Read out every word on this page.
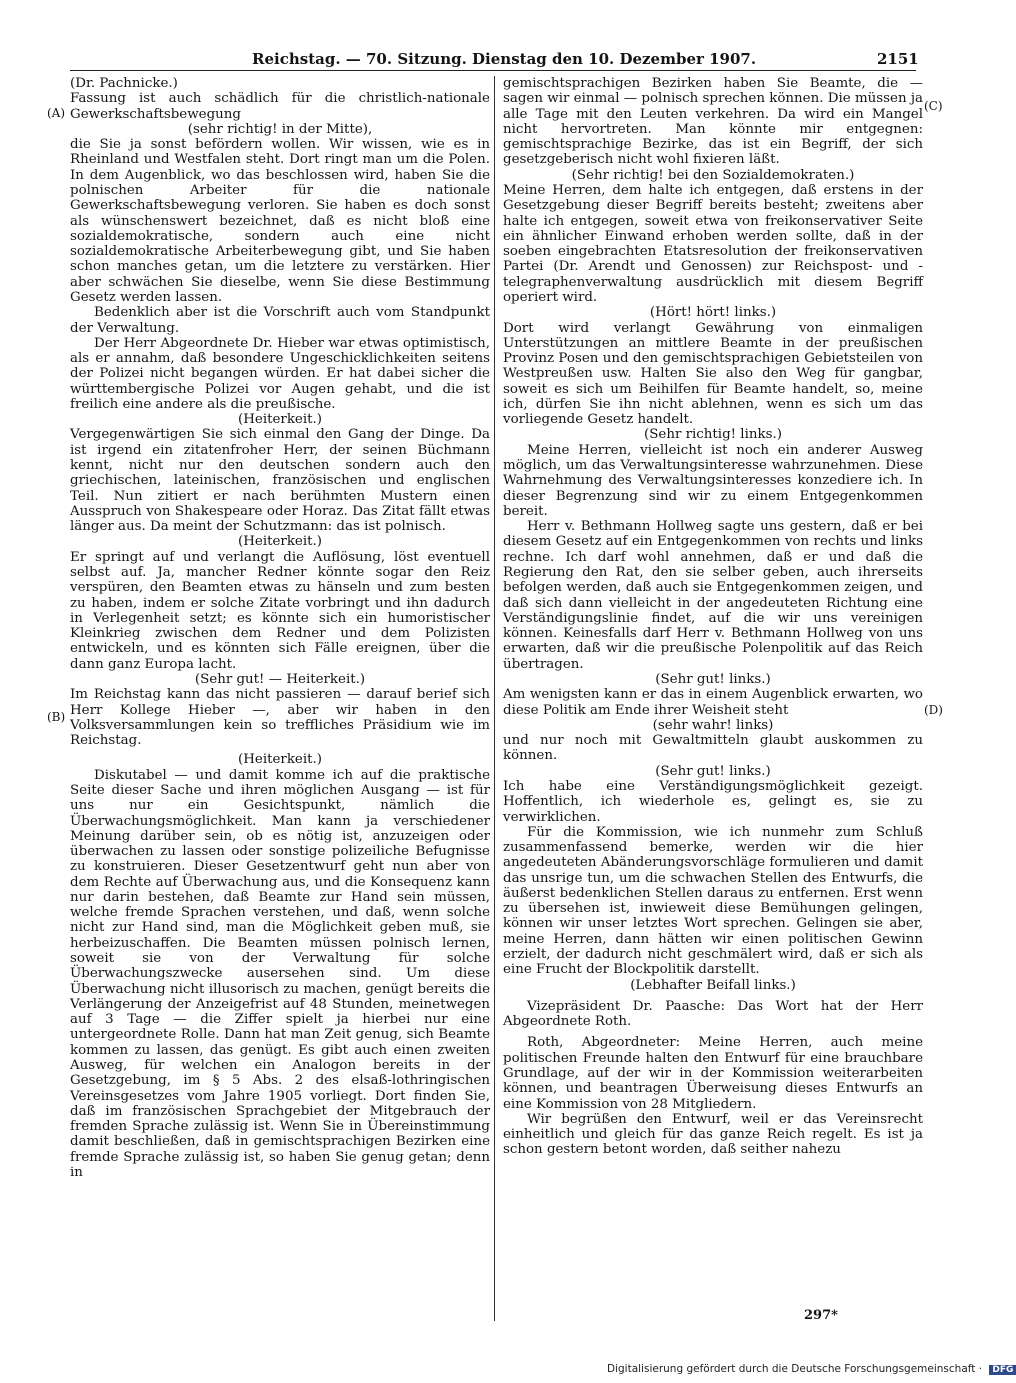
Reichstag. — 70. Sitzung. Dienstag den 10. Dezember 1907.	2151
(A)
(B)
(C)
(D)

(Dr. Pachnicke.)

Fassung ist auch schädlich für die christlich-nationale Gewerkschaftsbewegung

(sehr richtig! in der Mitte),

die Sie ja sonst befördern wollen. Wir wissen, wie es in Rheinland und Westfalen steht. Dort ringt man um die Polen. In dem Augenblick, wo das beschlossen wird, haben Sie die polnischen Arbeiter für die nationale Gewerkschaftsbewegung verloren. Sie haben es doch sonst als wünschenswert bezeichnet, daß es nicht bloß eine sozialdemokratische, sondern auch eine nicht sozialdemokratische Arbeiterbewegung gibt, und Sie haben schon manches getan, um die letztere zu verstärken. Hier aber schwächen Sie dieselbe, wenn Sie diese Bestimmung Gesetz werden lassen.

Bedenklich aber ist die Vorschrift auch vom Standpunkt der Verwaltung.

Der Herr Abgeordnete Dr. Hieber war etwas optimistisch, als er annahm, daß besondere Ungeschicklichkeiten seitens der Polizei nicht begangen würden. Er hat dabei sicher die württembergische Polizei vor Augen gehabt, und die ist freilich eine andere als die preußische.

(Heiterkeit.)

Vergegenwärtigen Sie sich einmal den Gang der Dinge. Da ist irgend ein zitatenfroher Herr, der seinen Büchmann kennt, nicht nur den deutschen sondern auch den griechischen, lateinischen, französischen und englischen Teil. Nun zitiert er nach berühmten Mustern einen Ausspruch von Shakespeare oder Horaz. Das Zitat fällt etwas länger aus. Da meint der Schutzmann: das ist polnisch.

(Heiterkeit.)

Er springt auf und verlangt die Auflösung, löst eventuell selbst auf. Ja, mancher Redner könnte sogar den Reiz verspüren, den Beamten etwas zu hänseln und zum besten zu haben, indem er solche Zitate vorbringt und ihn dadurch in Verlegenheit setzt; es könnte sich ein humoristischer Kleinkrieg zwischen dem Redner und dem Polizisten entwickeln, und es könnten sich Fälle ereignen, über die dann ganz Europa lacht.

(Sehr gut! — Heiterkeit.)

Im Reichstag kann das nicht passieren — darauf berief sich Herr Kollege Hieber —, aber wir haben in den Volksversammlungen kein so treffliches Präsidium wie im Reichstag.

(Heiterkeit.)

Diskutabel — und damit komme ich auf die praktische Seite dieser Sache und ihren möglichen Ausgang — ist für uns nur ein Gesichtspunkt, nämlich die Überwachungsmöglichkeit. Man kann ja verschiedener Meinung darüber sein, ob es nötig ist, anzuzeigen oder überwachen zu lassen oder sonstige polizeiliche Befugnisse zu konstruieren. Dieser Gesetzentwurf geht nun aber von dem Rechte auf Überwachung aus, und die Konsequenz kann nur darin bestehen, daß Beamte zur Hand sein müssen, welche fremde Sprachen verstehen, und daß, wenn solche nicht zur Hand sind, man die Möglichkeit geben muß, sie herbeizuschaffen. Die Beamten müssen polnisch lernen, soweit sie von der Verwaltung für solche Überwachungszwecke ausersehen sind. Um diese Überwachung nicht illusorisch zu machen, genügt bereits die Verlängerung der Anzeigefrist auf 48 Stunden, meinetwegen auf 3 Tage — die Ziffer spielt ja hierbei nur eine untergeordnete Rolle. Dann hat man Zeit genug, sich Beamte kommen zu lassen, das genügt. Es gibt auch einen zweiten Ausweg, für welchen ein Analogon bereits in der Gesetzgebung, im § 5 Abs. 2 des elsaß-lothringischen Vereinsgesetzes vom Jahre 1905 vorliegt. Dort finden Sie, daß im französischen Sprachgebiet der Mitgebrauch der fremden Sprache zulässig ist. Wenn Sie in Übereinstimmung damit beschließen, daß in gemischtsprachigen Bezirken eine fremde Sprache zulässig ist, so haben Sie genug getan; denn in

gemischtsprachigen Bezirken haben Sie Beamte, die — sagen wir einmal — polnisch sprechen können. Die müssen ja alle Tage mit den Leuten verkehren. Da wird ein Mangel nicht hervortreten. Man könnte mir entgegnen: gemischtsprachige Bezirke, das ist ein Begriff, der sich gesetzgeberisch nicht wohl fixieren läßt.

(Sehr richtig! bei den Sozialdemokraten.)

Meine Herren, dem halte ich entgegen, daß erstens in der Gesetzgebung dieser Begriff bereits besteht; zweitens aber halte ich entgegen, soweit etwa von freikonservativer Seite ein ähnlicher Einwand erhoben werden sollte, daß in der soeben eingebrachten Etatsresolution der freikonservativen Partei (Dr. Arendt und Genossen) zur Reichspost- und -telegraphenverwaltung ausdrücklich mit diesem Begriff operiert wird.

(Hört! hört! links.)

Dort wird verlangt Gewährung von einmaligen Unterstützungen an mittlere Beamte in der preußischen Provinz Posen und den gemischtsprachigen Gebietsteilen von Westpreußen usw. Halten Sie also den Weg für gangbar, soweit es sich um Beihilfen für Beamte handelt, so, meine ich, dürfen Sie ihn nicht ablehnen, wenn es sich um das vorliegende Gesetz handelt.

(Sehr richtig! links.)

Meine Herren, vielleicht ist noch ein anderer Ausweg möglich, um das Verwaltungsinteresse wahrzunehmen. Diese Wahrnehmung des Verwaltungsinteresses konzediere ich. In dieser Begrenzung sind wir zu einem Entgegenkommen bereit.

Herr v. Bethmann Hollweg sagte uns gestern, daß er bei diesem Gesetz auf ein Entgegenkommen von rechts und links rechne. Ich darf wohl annehmen, daß er und daß die Regierung den Rat, den sie selber geben, auch ihrerseits befolgen werden, daß auch sie Entgegenkommen zeigen, und daß sich dann vielleicht in der angedeuteten Richtung eine Verständigungslinie findet, auf die wir uns vereinigen können. Keinesfalls darf Herr v. Bethmann Hollweg von uns erwarten, daß wir die preußische Polenpolitik auf das Reich übertragen.

(Sehr gut! links.)

Am wenigsten kann er das in einem Augenblick erwarten, wo diese Politik am Ende ihrer Weisheit steht

(sehr wahr! links)

und nur noch mit Gewaltmitteln glaubt auskommen zu können.

(Sehr gut! links.)

Ich habe eine Verständigungsmöglichkeit gezeigt. Hoffentlich, ich wiederhole es, gelingt es, sie zu verwirklichen.

Für die Kommission, wie ich nunmehr zum Schluß zusammenfassend bemerke, werden wir die hier angedeuteten Abänderungsvorschläge formulieren und damit das unsrige tun, um die schwachen Stellen des Entwurfs, die äußerst bedenklichen Stellen daraus zu entfernen. Erst wenn zu übersehen ist, inwieweit diese Bemühungen gelingen, können wir unser letztes Wort sprechen. Gelingen sie aber, meine Herren, dann hätten wir einen politischen Gewinn erzielt, der dadurch nicht geschmälert wird, daß er sich als eine Frucht der Blockpolitik darstellt.

(Lebhafter Beifall links.)

Vizepräsident Dr. Paasche: Das Wort hat der Herr Abgeordnete Roth.

Roth, Abgeordneter: Meine Herren, auch meine politischen Freunde halten den Entwurf für eine brauchbare Grundlage, auf der wir in der Kommission weiterarbeiten können, und beantragen Überweisung dieses Entwurfs an eine Kommission von 28 Mitgliedern.

Wir begrüßen den Entwurf, weil er das Vereinsrecht einheitlich und gleich für das ganze Reich regelt. Es ist ja schon gestern betont worden, daß seither nahezu

297*
Digitalisierung gefördert durch die Deutsche Forschungsgemeinschaft · DFG
